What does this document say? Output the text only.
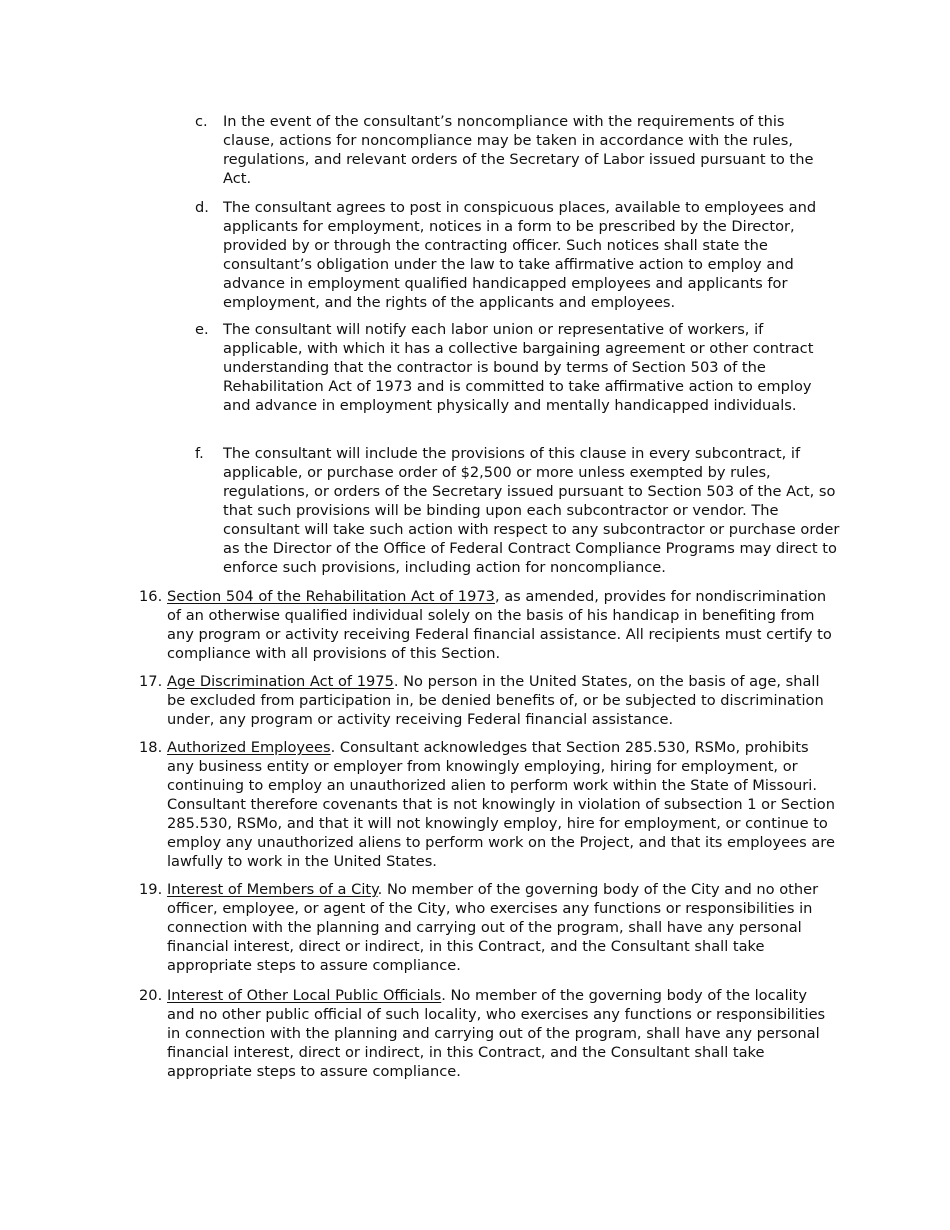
c.	In the event of the consultant’s noncompliance with the requirements of this clause, actions for noncompliance may be taken in accordance with the rules, regulations, and relevant orders of the Secretary of Labor issued pursuant to the Act.
d. The consultant agrees to post in conspicuous places, available to employees and applicants for employment, notices in a form to be prescribed by the Director, provided by or through the contracting officer. Such notices shall state the consultant’s obligation under the law to take affirmative action to employ and advance in employment qualified handicapped employees and applicants for employment, and the rights of the applicants and employees.
e. The consultant will notify each labor union or representative of workers, if applicable, with which it has a collective bargaining agreement or other contract understanding that the contractor is bound by terms of Section 503 of the Rehabilitation Act of 1973 and is committed to take affirmative action to employ and advance in employment physically and mentally handicapped individuals.
f.	The consultant will include the provisions of this clause in every subcontract, if applicable, or purchase order of $2,500 or more unless exempted by rules, regulations, or orders of the Secretary issued pursuant to Section 503 of the Act, so that such provisions will be binding upon each subcontractor or vendor. The consultant will take such action with respect to any subcontractor or purchase order as the Director of the Office of Federal Contract Compliance Programs may direct to enforce such provisions, including action for noncompliance.
16. Section 504 of the Rehabilitation Act of 1973, as amended, provides for nondiscrimination of an otherwise qualified individual solely on the basis of his handicap in benefiting from any program or activity receiving Federal financial assistance. All recipients must certify to compliance with all provisions of this Section.
17. Age Discrimination Act of 1975. No person in the United States, on the basis of age, shall be excluded from participation in, be denied benefits of, or be subjected to discrimination under, any program or activity receiving Federal financial assistance.
18. Authorized Employees. Consultant acknowledges that Section 285.530, RSMo, prohibits any business entity or employer from knowingly employing, hiring for employment, or continuing to employ an unauthorized alien to perform work within the State of Missouri. Consultant therefore covenants that is not knowingly in violation of subsection 1 or Section 285.530, RSMo, and that it will not knowingly employ, hire for employment, or continue to employ any unauthorized aliens to perform work on the Project, and that its employees are lawfully to work in the United States.
19. Interest of Members of a City. No member of the governing body of the City and no other officer, employee, or agent of the City, who exercises any functions or responsibilities in connection with the planning and carrying out of the program, shall have any personal financial interest, direct or indirect, in this Contract, and the Consultant shall take appropriate steps to assure compliance.
20. Interest of Other Local Public Officials. No member of the governing body of the locality and no other public official of such locality, who exercises any functions or responsibilities in connection with the planning and carrying out of the program, shall have any personal financial interest, direct or indirect, in this Contract, and the Consultant shall take appropriate steps to assure compliance.
